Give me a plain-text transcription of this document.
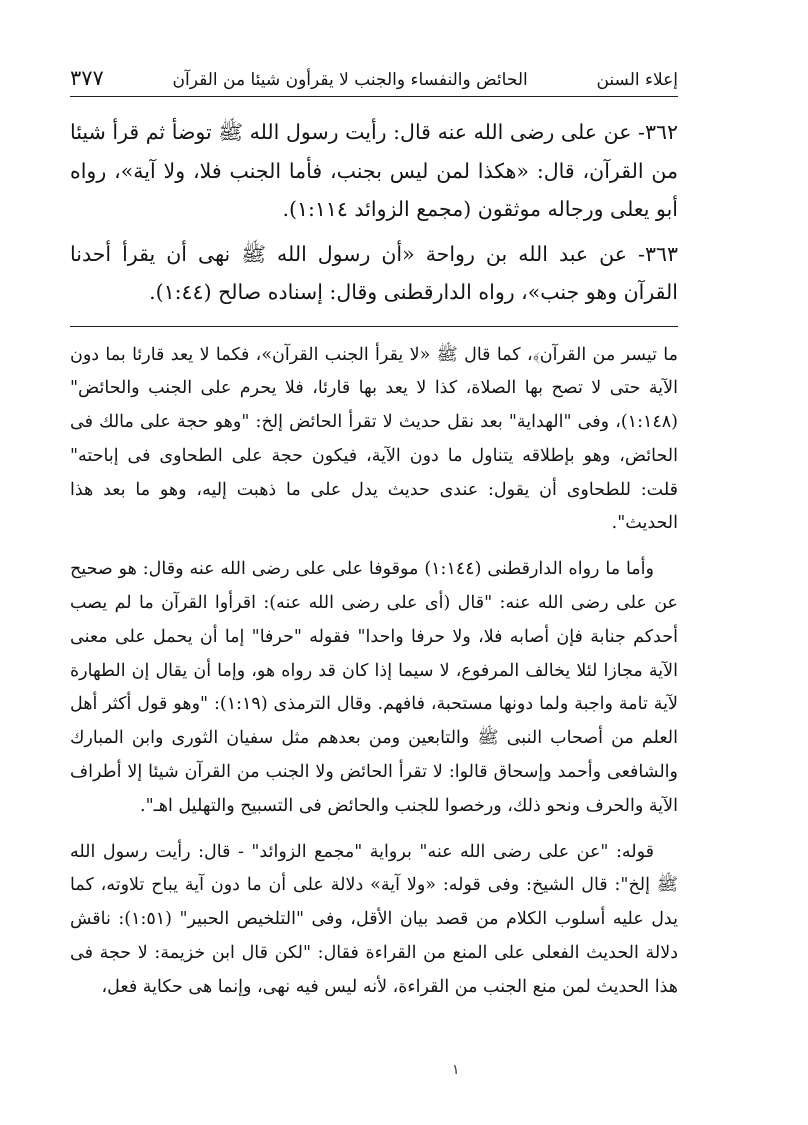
إعلاء السنن
الحائض والنفساء والجنب لا يقرأون شيئا من القرآن
٣٧٧

٣٦٢- عن على رضى الله عنه قال: رأيت رسول الله ﷺ توضأ ثم قرأ شيئا من القرآن، قال: «هكذا لمن ليس بجنب، فأما الجنب فلا، ولا آية»، رواه أبو يعلى ورجاله موثقون (مجمع الزوائد ١:١١٤).

٣٦٣- عن عبد الله بن رواحة «أن رسول الله ﷺ نهى أن يقرأ أحدنا القرآن وهو جنب»، رواه الدارقطنى وقال: إسناده صالح (١:٤٤).

ما تيسر من القرآن﴾، كما قال ﷺ «لا يقرأ الجنب القرآن»، فكما لا يعد قارئا بما دون الآية حتى لا تصح بها الصلاة، كذا لا يعد بها قارئا، فلا يحرم على الجنب والحائض" (١:١٤٨)، وفى "الهداية" بعد نقل حديث لا تقرأ الحائض إلخ: "وهو حجة على مالك فى الحائض، وهو بإطلاقه يتناول ما دون الآية، فيكون حجة على الطحاوى فى إباحته" قلت: للطحاوى أن يقول: عندى حديث يدل على ما ذهبت إليه، وهو ما بعد هذا الحديث".

وأما ما رواه الدارقطنى (١:١٤٤) موقوفا على على رضى الله عنه وقال: هو صحيح عن على رضى الله عنه: "قال (أى على رضى الله عنه): اقرأوا القرآن ما لم يصب أحدكم جنابة فإن أصابه فلا، ولا حرفا واحدا" فقوله "حرفا" إما أن يحمل على معنى الآية مجازا لئلا يخالف المرفوع، لا سيما إذا كان قد رواه هو، وإما أن يقال إن الطهارة لآية تامة واجبة ولما دونها مستحبة، فافهم. وقال الترمذى (١:١٩): "وهو قول أكثر أهل العلم من أصحاب النبى ﷺ والتابعين ومن بعدهم مثل سفيان الثورى وابن المبارك والشافعى وأحمد وإسحاق قالوا: لا تقرأ الحائض ولا الجنب من القرآن شيئا إلا أطراف الآية والحرف ونحو ذلك، ورخصوا للجنب والحائض فى التسبيح والتهليل اهـ".

قوله: "عن على رضى الله عنه" برواية "مجمع الزوائد" - قال: رأيت رسول الله ﷺ إلخ": قال الشيخ: وفى قوله: «ولا آية» دلالة على أن ما دون آية يباح تلاوته، كما يدل عليه أسلوب الكلام من قصد بيان الأقل، وفى "التلخيص الحبير" (١:٥١): ناقش دلالة الحديث الفعلى على المنع من القراءة فقال: "لكن قال ابن خزيمة: لا حجة فى هذا الحديث لمن منع الجنب من القراءة، لأنه ليس فيه نهى، وإنما هى حكاية فعل،

١
